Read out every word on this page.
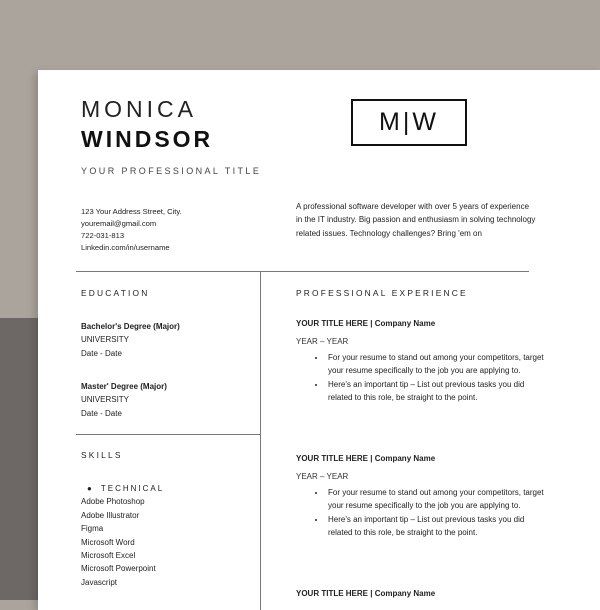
MONICA
WINDSOR
YOUR PROFESSIONAL TITLE
M|W
123 Your Address Street, City.
youremail@gmail.com
722-031-813
Linkedin.com/in/username

A professional software developer with over 5 years of experience in the IT industry. Big passion and enthusiasm in solving technology related issues. Technology challenges? Bring 'em on

EDUCATION
Bachelor's Degree (Major)
UNIVERSITY
Date - Date
Master' Degree (Major)
UNIVERSITY
Date - Date
SKILLS
● TECHNICAL
Adobe Photoshop
Adobe Illustrator
Figma
Microsoft Word
Microsoft Excel
Microsoft Powerpoint
Javascript
PROFESSIONAL EXPERIENCE
YOUR TITLE HERE | Company Name
YEAR – YEAR
• For your resume to stand out among your competitors, target your resume specifically to the job you are applying to.
• Here's an important tip – List out previous tasks you did related to this role, be straight to the point.
YOUR TITLE HERE | Company Name
YEAR – YEAR
• For your resume to stand out among your competitors, target your resume specifically to the job you are applying to.
• Here's an important tip – List out previous tasks you did related to this role, be straight to the point.
YOUR TITLE HERE | Company Name
